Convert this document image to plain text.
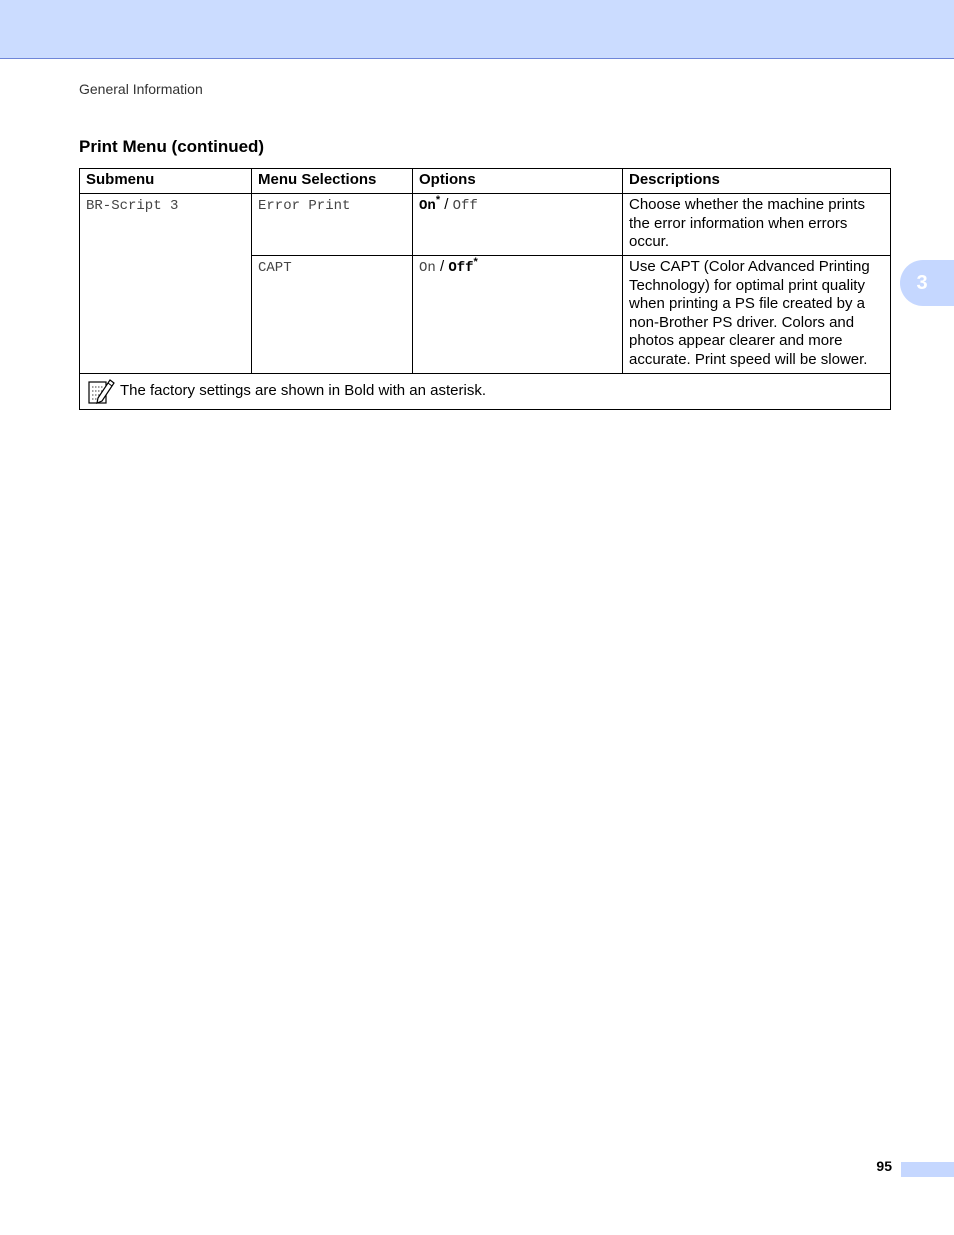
General Information
3
Print Menu (continued)
Submenu	Menu Selections	Options	Descriptions
BR-Script 3	Error Print	On* / Off	Choose whether the machine prints the error information when errors occur.
	CAPT	On / Off*	Use CAPT (Color Advanced Printing Technology) for optimal print quality when printing a PS file created by a non-Brother PS driver. Colors and photos appear clearer and more accurate. Print speed will be slower.

The factory settings are shown in Bold with an asterisk.			
95
